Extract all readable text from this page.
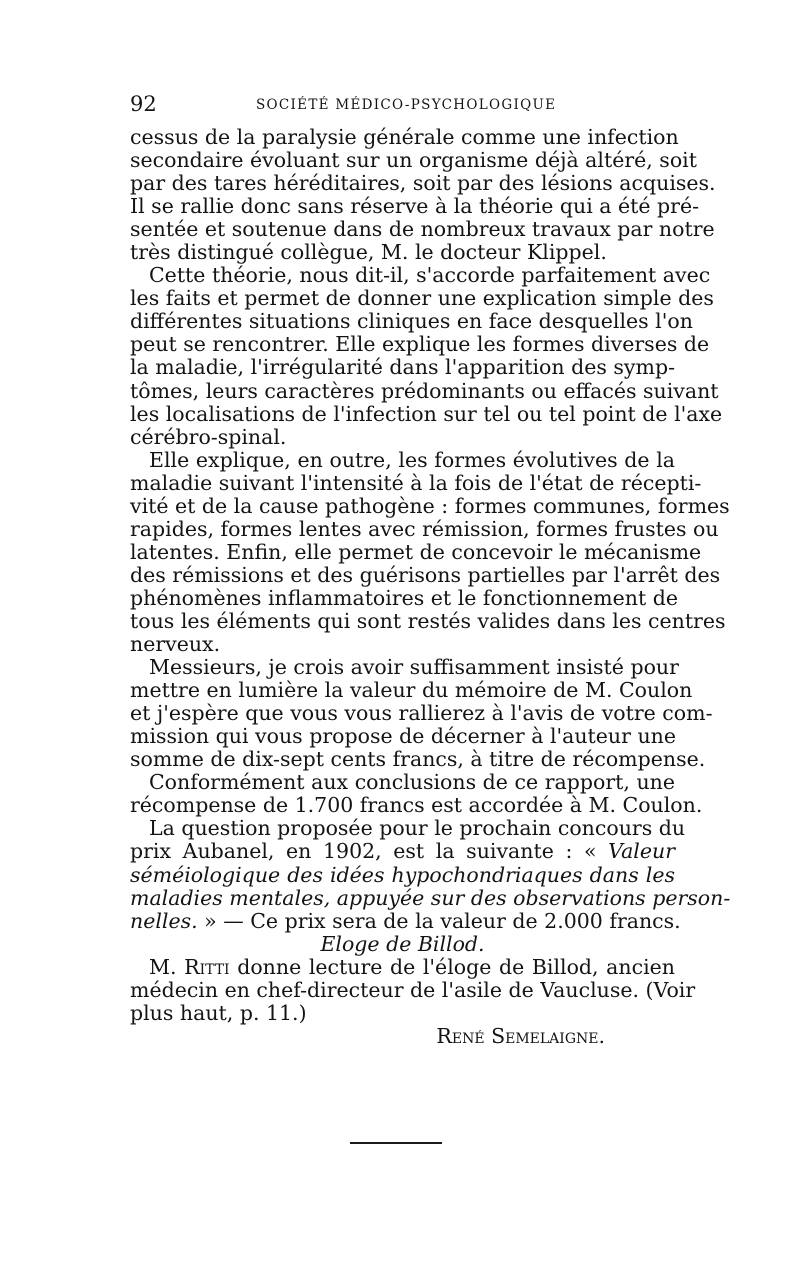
92	SOCIÉTÉ MÉDICO-PSYCHOLOGIQUE
cessus de la paralysie générale comme une infection
secondaire évoluant sur un organisme déjà altéré, soit
par des tares héréditaires, soit par des lésions acquises.
Il se rallie donc sans réserve à la théorie qui a été pré-
sentée et soutenue dans de nombreux travaux par notre
très distingué collègue, M. le docteur Klippel.
Cette théorie, nous dit-il, s'accorde parfaitement avec
les faits et permet de donner une explication simple des
différentes situations cliniques en face desquelles l'on
peut se rencontrer. Elle explique les formes diverses de
la maladie, l'irrégularité dans l'apparition des symp-
tômes, leurs caractères prédominants ou effacés suivant
les localisations de l'infection sur tel ou tel point de l'axe
cérébro-spinal.
Elle explique, en outre, les formes évolutives de la
maladie suivant l'intensité à la fois de l'état de récepti-
vité et de la cause pathogène : formes communes, formes
rapides, formes lentes avec rémission, formes frustes ou
latentes. Enfin, elle permet de concevoir le mécanisme
des rémissions et des guérisons partielles par l'arrêt des
phénomènes inflammatoires et le fonctionnement de
tous les éléments qui sont restés valides dans les centres
nerveux.
Messieurs, je crois avoir suffisamment insisté pour
mettre en lumière la valeur du mémoire de M. Coulon
et j'espère que vous vous rallierez à l'avis de votre com-
mission qui vous propose de décerner à l'auteur une
somme de dix-sept cents francs, à titre de récompense.
Conformément aux conclusions de ce rapport, une
récompense de 1.700 francs est accordée à M. Coulon.
La question proposée pour le prochain concours du
prix Aubanel, en 1902, est la suivante : « Valeur
séméiologique des idées hypochondriaques dans les
maladies mentales, appuyée sur des observations person-
nelles. » — Ce prix sera de la valeur de 2.000 francs.
Eloge de Billod.
M. Ritti donne lecture de l'éloge de Billod, ancien
médecin en chef-directeur de l'asile de Vaucluse. (Voir
plus haut, p. 11.)
René Semelaigne.
